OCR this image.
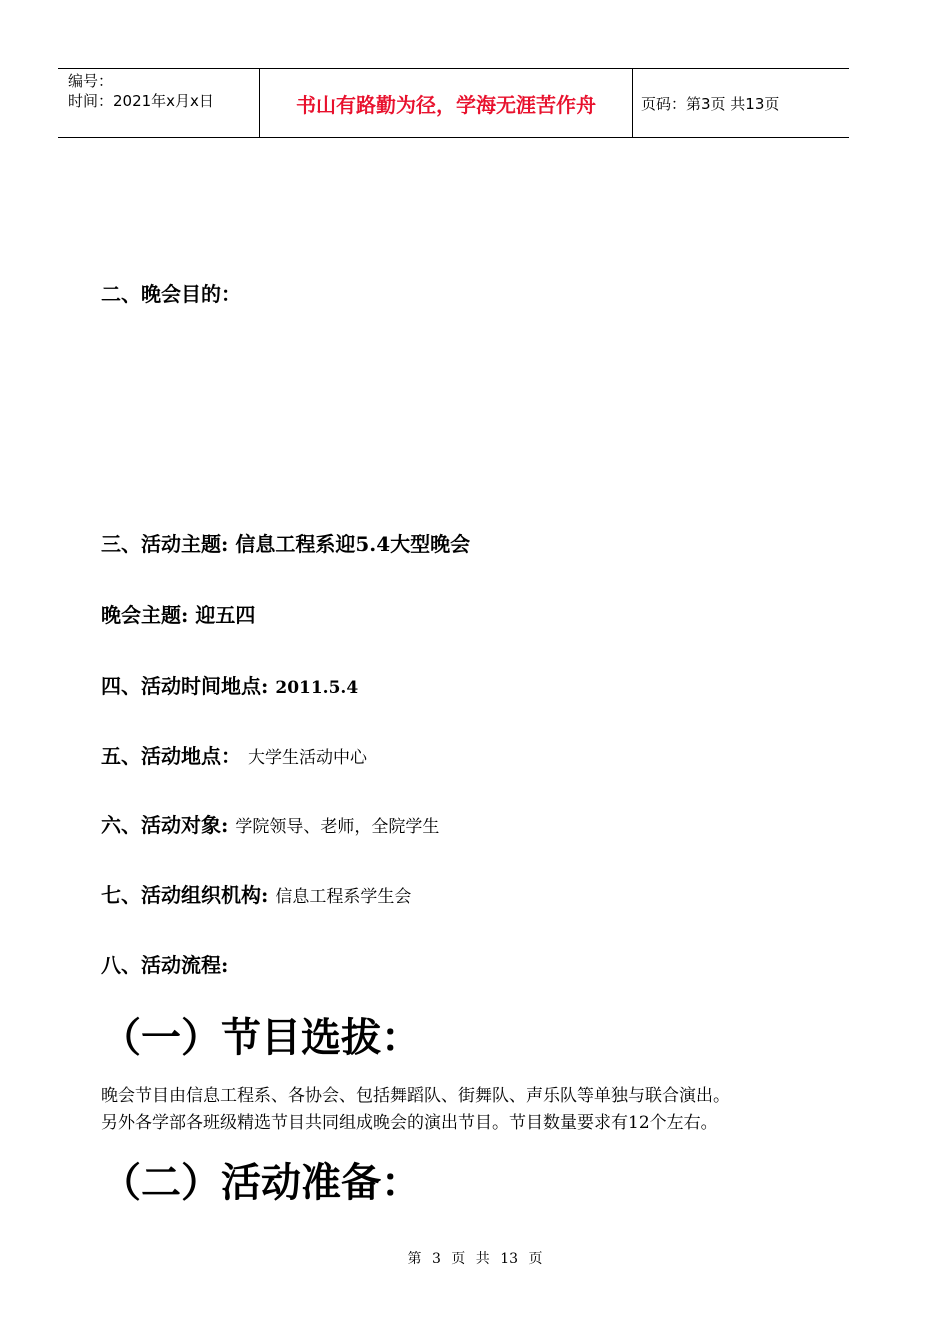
编号：
时间：2021年x月x日	书山有路勤为径，学海无涯苦作舟	页码：第3页 共13页
二、晚会目的：
三、活动主题: 信息工程系迎5.4大型晚会
晚会主题: 迎五四
四、活动时间地点: 2011.5.4
五、活动地点： 大学生活动中心
六、活动对象: 学院领导、老师，全院学生
七、活动组织机构: 信息工程系学生会
八、活动流程:
（一）节目选拔：
晚会节目由信息工程系、各协会、包括舞蹈队、街舞队、声乐队等单独与联合演出。
另外各学部各班级精选节目共同组成晚会的演出节目。节目数量要求有12个左右。
（二）活动准备：
第 3 页 共 13 页
